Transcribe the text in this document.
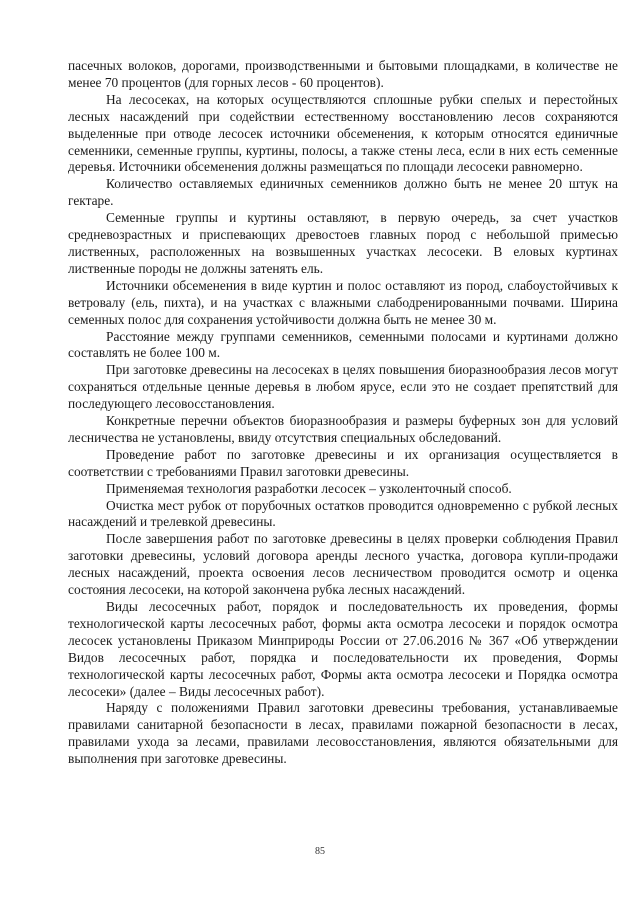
пасечных волоков, дорогами, производственными и бытовыми площадками, в количестве не менее 70 процентов (для горных лесов - 60 процентов).

На лесосеках, на которых осуществляются сплошные рубки спелых и перестойных лесных насаждений при содействии естественному восстановлению лесов сохраняются выделенные при отводе лесосек источники обсеменения, к которым относятся единичные семенники, семенные группы, куртины, полосы, а также стены леса, если в них есть семенные деревья. Источники обсеменения должны размещаться по площади лесосеки равномерно.

Количество оставляемых единичных семенников должно быть не менее 20 штук на гектаре.

Семенные группы и куртины оставляют, в первую очередь, за счет участков средневозрастных и приспевающих древостоев главных пород с небольшой примесью лиственных, расположенных на возвышенных участках лесосеки. В еловых куртинах лиственные породы не должны затенять ель.

Источники обсеменения в виде куртин и полос оставляют из пород, слабоустойчивых к ветровалу (ель, пихта), и на участках с влажными слабодренированными почвами. Ширина семенных полос для сохранения устойчивости должна быть не менее 30 м.

Расстояние между группами семенников, семенными полосами и куртинами должно составлять не более 100 м.

При заготовке древесины на лесосеках в целях повышения биоразнообразия лесов могут сохраняться отдельные ценные деревья в любом ярусе, если это не создает препятствий для последующего лесовосстановления.

Конкретные перечни объектов биоразнообразия и размеры буферных зон для условий лесничества не установлены, ввиду отсутствия специальных обследований.

Проведение работ по заготовке древесины и их организация осуществляется в соответствии с требованиями Правил заготовки древесины.

Применяемая технология разработки лесосек – узколенточный способ.

Очистка мест рубок от порубочных остатков проводится одновременно с рубкой лесных насаждений и трелевкой древесины.

После завершения работ по заготовке древесины в целях проверки соблюдения Правил заготовки древесины, условий договора аренды лесного участка, договора купли-продажи лесных насаждений, проекта освоения лесов лесничеством проводится осмотр и оценка состояния лесосеки, на которой закончена рубка лесных насаждений.

Виды лесосечных работ, порядок и последовательность их проведения, формы технологической карты лесосечных работ, формы акта осмотра лесосеки и порядок осмотра лесосек установлены Приказом Минприроды России от 27.06.2016 № 367 «Об утверждении Видов лесосечных работ, порядка и последовательности их проведения, Формы технологической карты лесосечных работ, Формы акта осмотра лесосеки и Порядка осмотра лесосеки» (далее – Виды лесосечных работ).

Наряду с положениями Правил заготовки древесины требования, устанавливаемые правилами санитарной безопасности в лесах, правилами пожарной безопасности в лесах, правилами ухода за лесами, правилами лесовосстановления, являются обязательными для выполнения при заготовке древесины.

85
